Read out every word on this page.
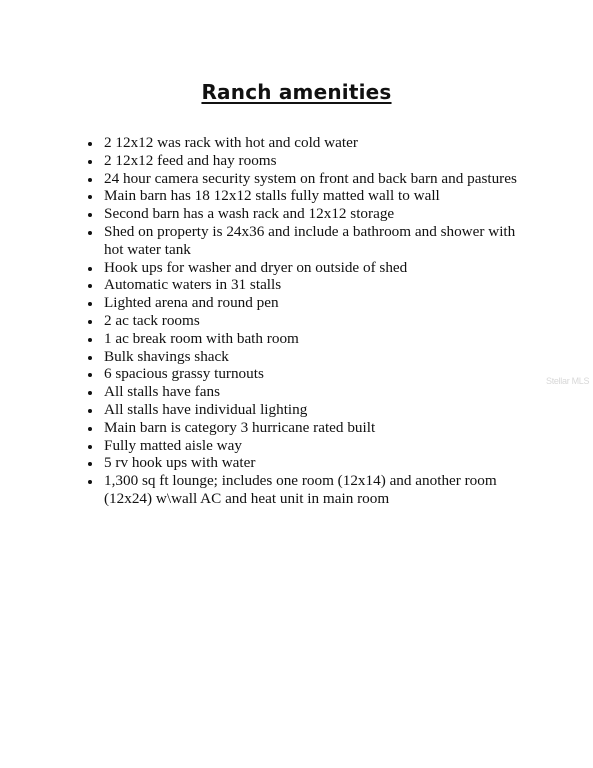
Ranch amenities
2 12x12 was rack with hot and cold water
2 12x12 feed and hay rooms
24 hour camera security system on front and back barn and pastures
Main barn has 18 12x12 stalls fully matted wall to wall
Second barn has a wash rack and 12x12 storage
Shed on property is 24x36 and include a bathroom and shower with hot water tank
Hook ups for washer and dryer on outside of shed
Automatic waters in 31 stalls
Lighted arena and round pen
2 ac tack rooms
1 ac break room with bath room
Bulk shavings shack
6 spacious grassy turnouts
All stalls have fans
All stalls have individual lighting
Main barn is category 3 hurricane rated built
Fully matted aisle way
5 rv hook ups with water
1,300 sq ft lounge; includes one room (12x14) and another room (12x24) w\wall AC and heat unit in main room
Stellar MLS
